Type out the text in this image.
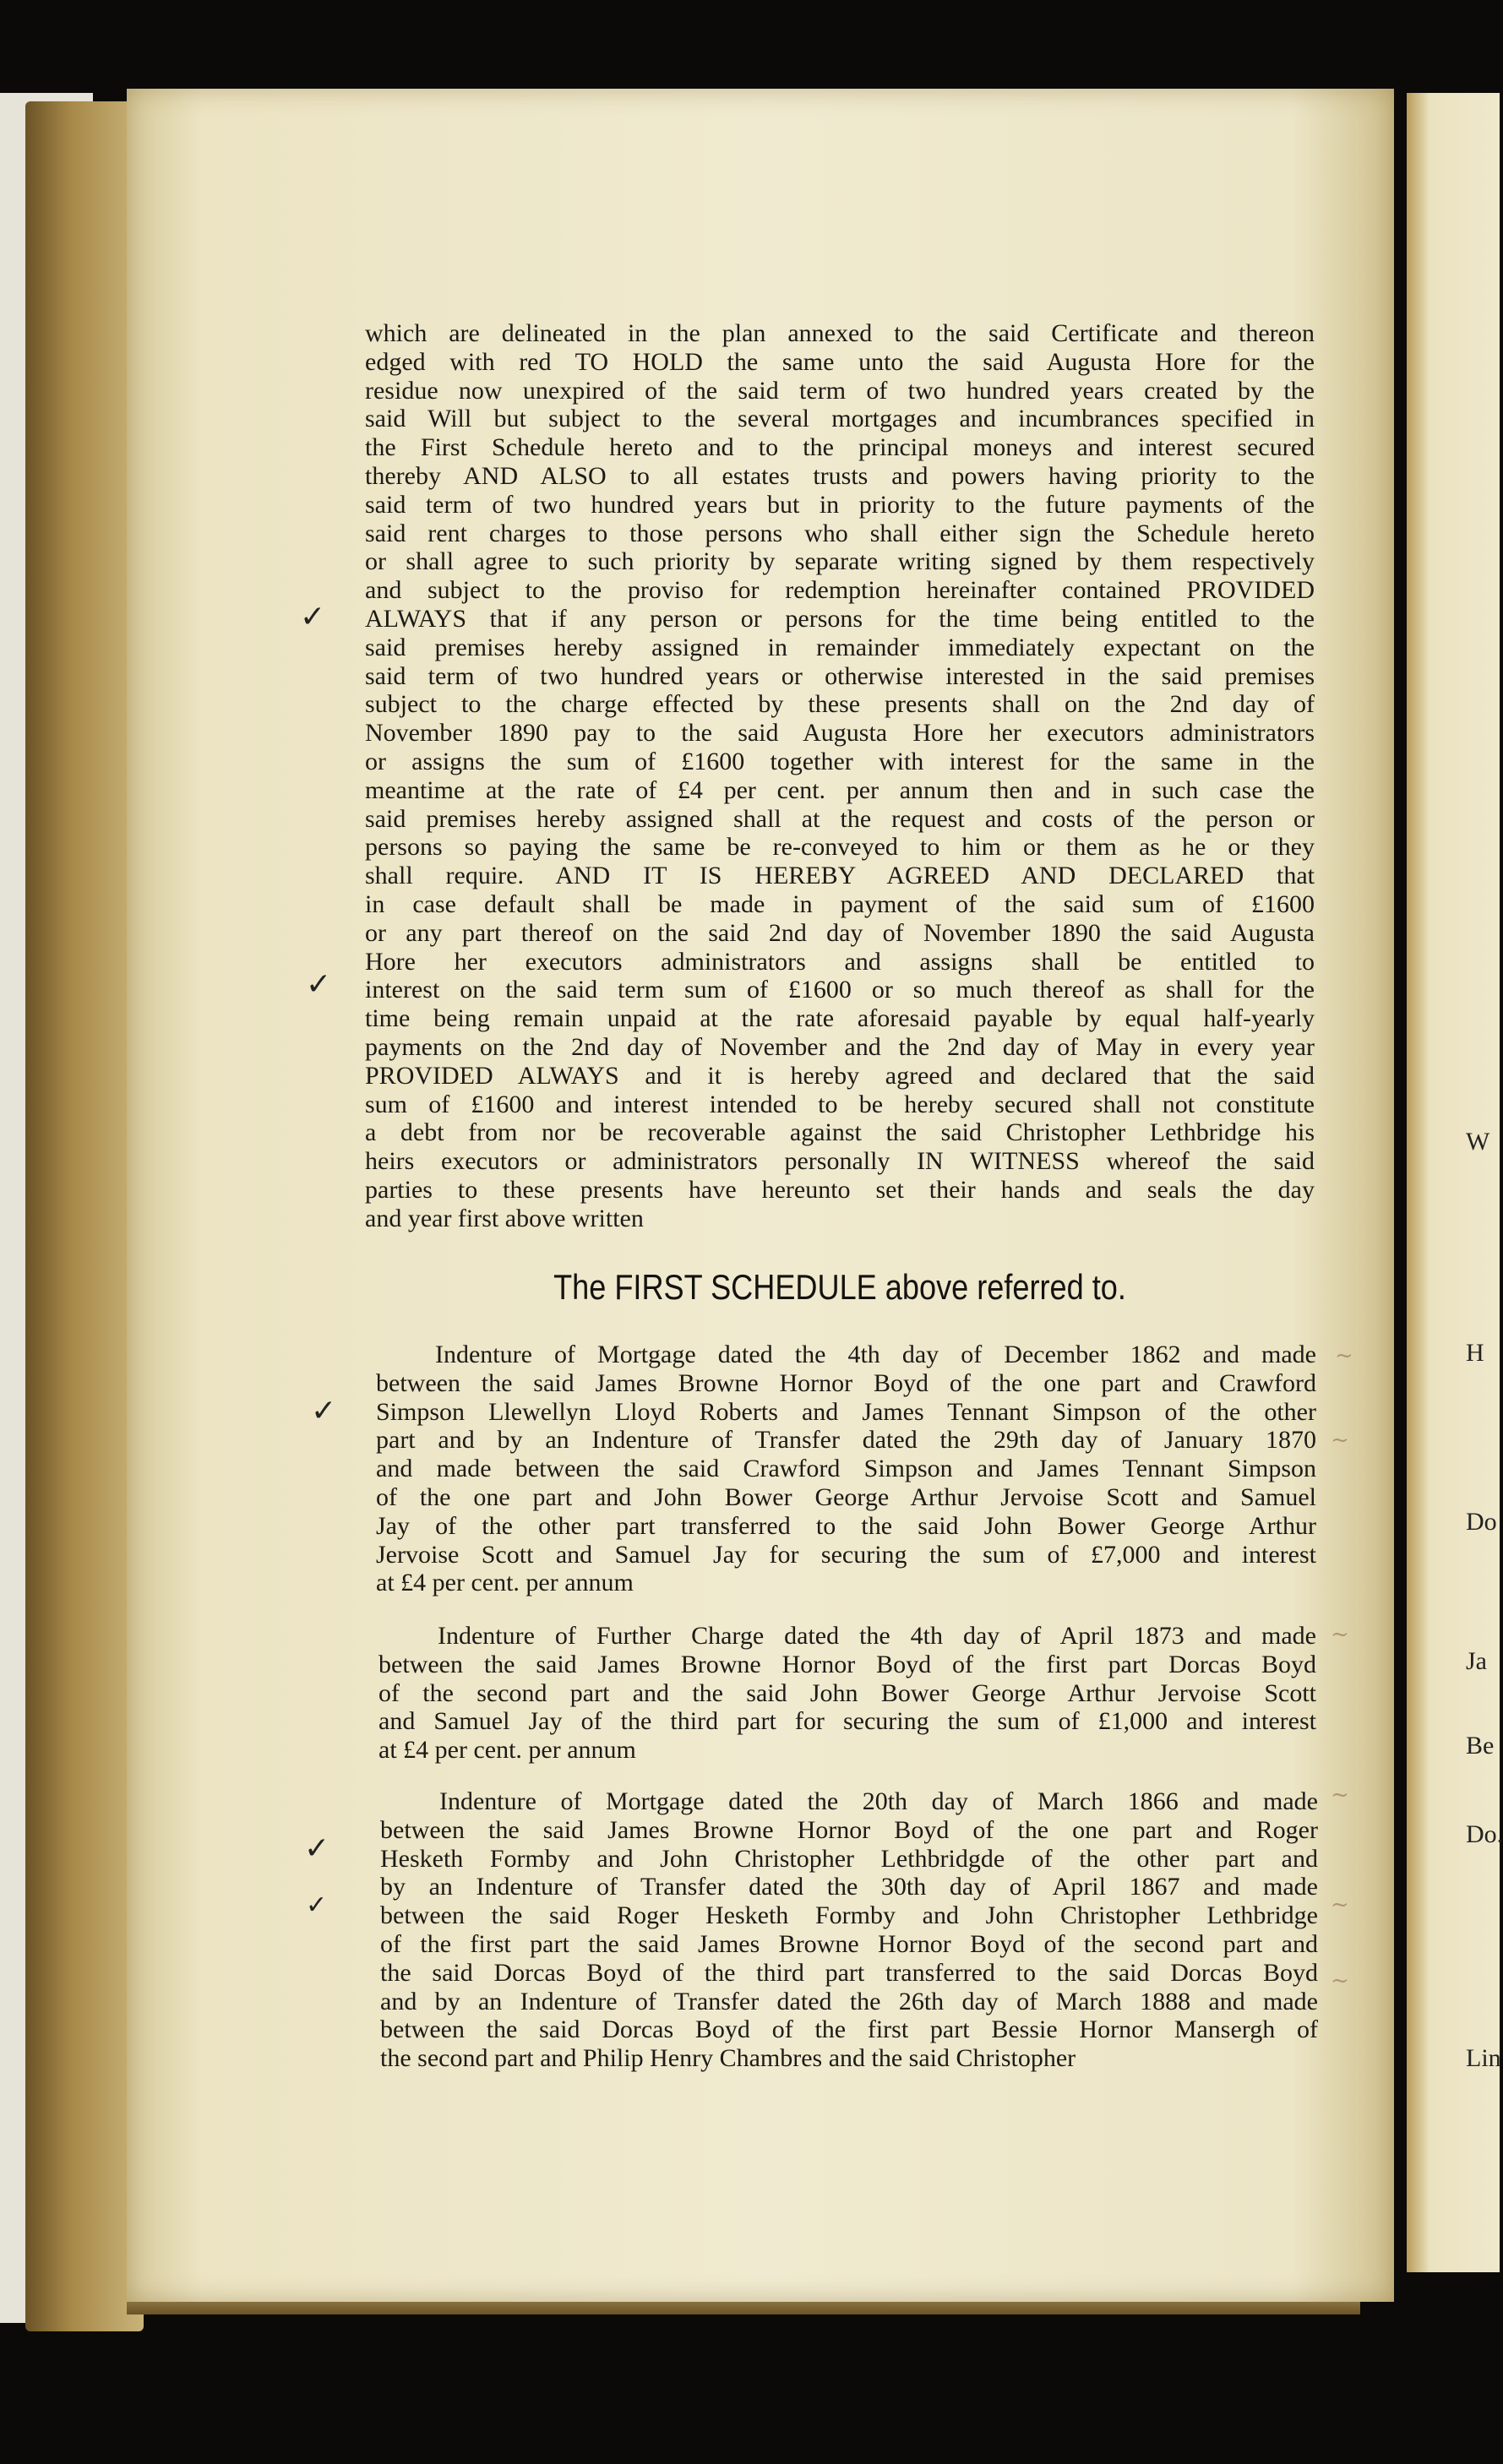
which are delineated in the plan annexed to the said Certificate and thereon
edged with red TO HOLD the same unto the said Augusta Hore for the
residue now unexpired of the said term of two hundred years created by the
said Will but subject to the several mortgages and incumbrances specified in
the First Schedule hereto and to the principal moneys and interest secured
thereby AND ALSO to all estates trusts and powers having priority to the
said term of two hundred years but in priority to the future payments of the
said rent charges to those persons who shall either sign the Schedule hereto
or shall agree to such priority by separate writing signed by them respectively
and subject to the proviso for redemption hereinafter contained PROVIDED
ALWAYS that if any person or persons for the time being entitled to the
said premises hereby assigned in remainder immediately expectant on the
said term of two hundred years or otherwise interested in the said premises
subject to the charge effected by these presents shall on the 2nd day of
November 1890 pay to the said Augusta Hore her executors administrators
or assigns the sum of £1600 together with interest for the same in the
meantime at the rate of £4 per cent. per annum then and in such case the
said premises hereby assigned shall at the request and costs of the person or
persons so paying the same be re-conveyed to him or them as he or they
shall require. AND IT IS HEREBY AGREED AND DECLARED that
in case default shall be made in payment of the said sum of £1600
or any part thereof on the said 2nd day of November 1890 the said Augusta
Hore her executors administrators and assigns shall be entitled to
interest on the said term sum of £1600 or so much thereof as shall for the
time being remain unpaid at the rate aforesaid payable by equal half-yearly
payments on the 2nd day of November and the 2nd day of May in every year
PROVIDED ALWAYS and it is hereby agreed and declared that the said
sum of £1600 and interest intended to be hereby secured shall not constitute
a debt from nor be recoverable against the said Christopher Lethbridge his
heirs executors or administrators personally IN WITNESS whereof the said
parties to these presents have hereunto set their hands and seals the day
and year first above written
The FIRST SCHEDULE above referred to.
Indenture of Mortgage dated the 4th day of December 1862 and made
between the said James Browne Hornor Boyd of the one part and Crawford
Simpson Llewellyn Lloyd Roberts and James Tennant Simpson of the other
part and by an Indenture of Transfer dated the 29th day of January 1870
and made between the said Crawford Simpson and James Tennant Simpson
of the one part and John Bower George Arthur Jervoise Scott and Samuel
Jay of the other part transferred to the said John Bower George Arthur
Jervoise Scott and Samuel Jay for securing the sum of £7,000 and interest
at £4 per cent. per annum
Indenture of Further Charge dated the 4th day of April 1873 and made
between the said James Browne Hornor Boyd of the first part Dorcas Boyd
of the second part and the said John Bower George Arthur Jervoise Scott
and Samuel Jay of the third part for securing the sum of £1,000 and interest
at £4 per cent. per annum
Indenture of Mortgage dated the 20th day of March 1866 and made
between the said James Browne Hornor Boyd of the one part and Roger
Hesketh Formby and John Christopher Lethbridgde of the other part and
by an Indenture of Transfer dated the 30th day of April 1867 and made
between the said Roger Hesketh Formby and John Christopher Lethbridge
of the first part the said James Browne Hornor Boyd of the second part and
the said Dorcas Boyd of the third part transferred to the said Dorcas Boyd
and by an Indenture of Transfer dated the 26th day of March 1888 and made
between the said Dorcas Boyd of the first part Bessie Hornor Mansergh of
the second part and Philip Henry Chambres and the said Christopher
✓
✓
✓
✓
✓
~
~
~
~
~
~
W
H
Do
Ja
Be
Do.
Lin
